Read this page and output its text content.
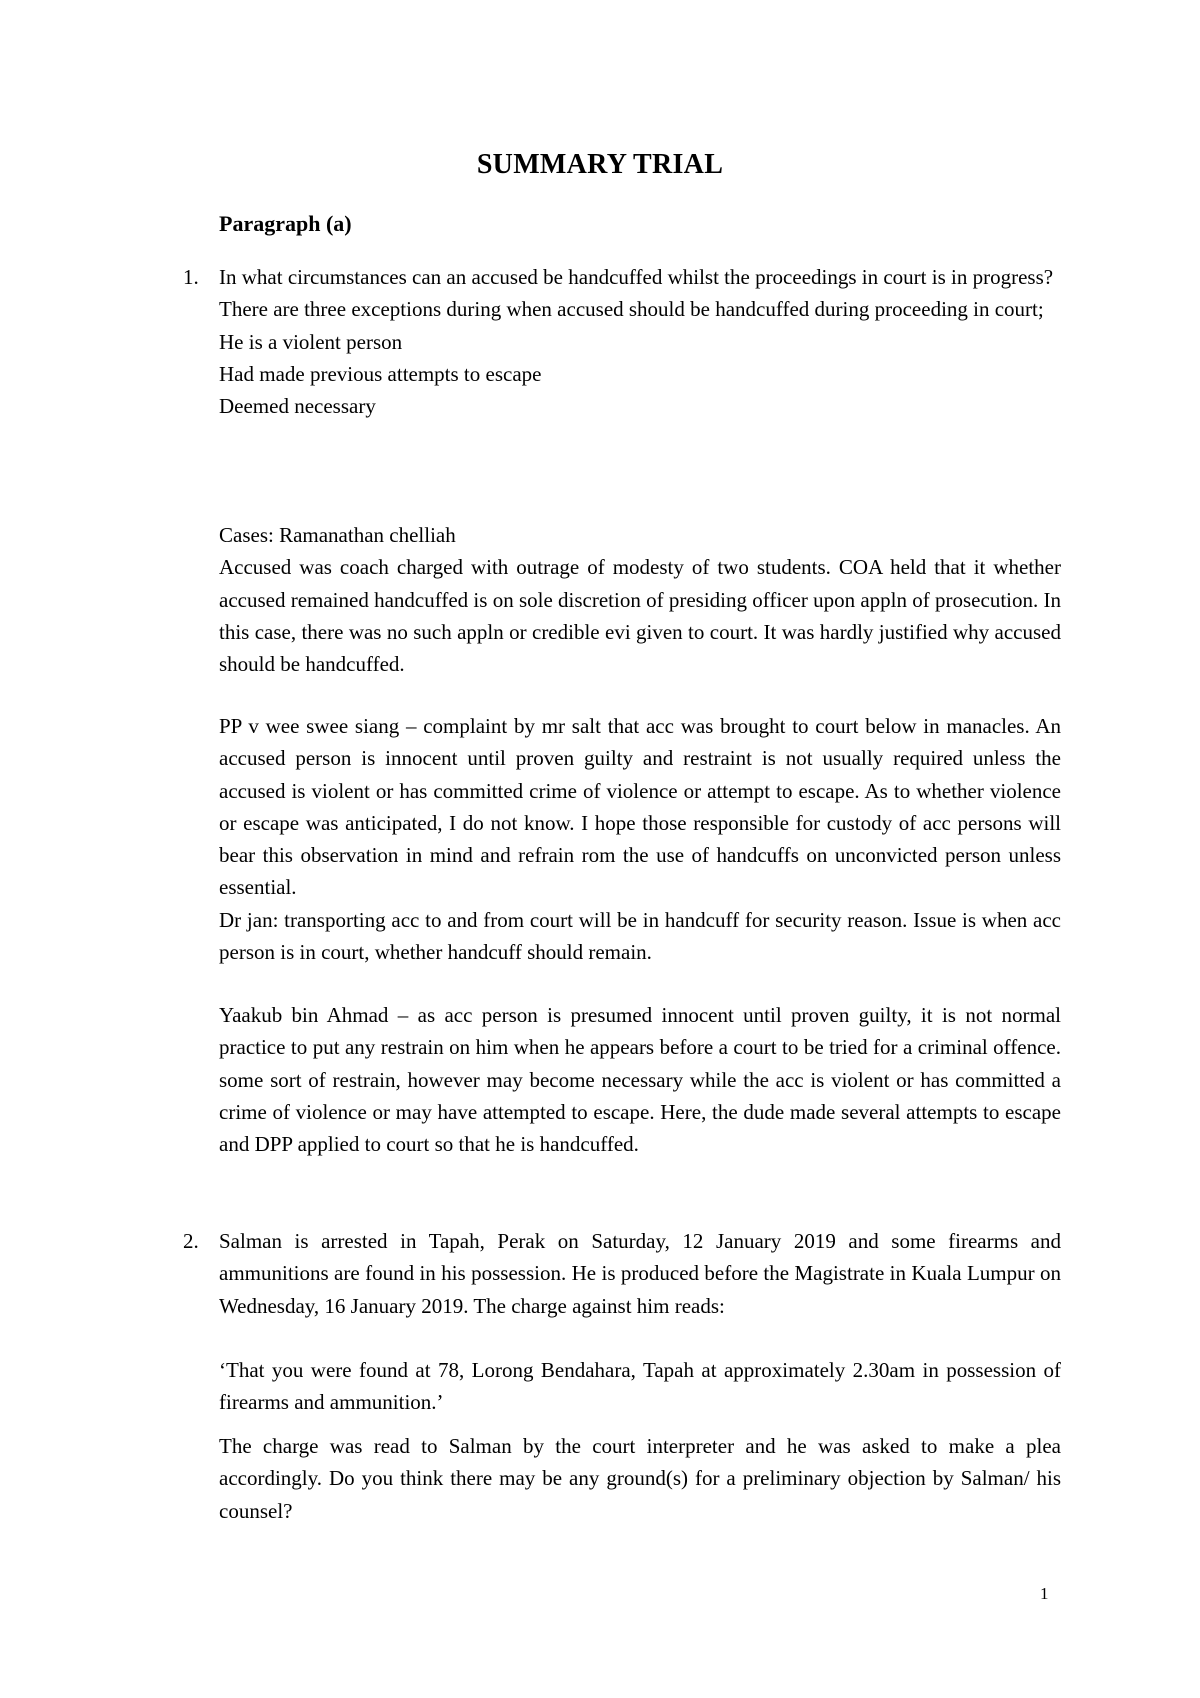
SUMMARY TRIAL
Paragraph (a)
1. In what circumstances can an accused be handcuffed whilst the proceedings in court is in progress?

There are three exceptions during when accused should be handcuffed during proceeding in court;

He is a violent person

Had made previous attempts to escape

Deemed necessary

Cases: Ramanathan chelliah

Accused was coach charged with outrage of modesty of two students. COA held that it whether accused remained handcuffed is on sole discretion of presiding officer upon appln of prosecution. In this case, there was no such appln or credible evi given to court. It was hardly justified why accused should be handcuffed.

PP v wee swee siang – complaint by mr salt that acc was brought to court below in manacles. An accused person is innocent until proven guilty and restraint is not usually required unless the accused is violent or has committed crime of violence or attempt to escape. As to whether violence or escape was anticipated, I do not know. I hope those responsible for custody of acc persons will bear this observation in mind and refrain rom the use of handcuffs on unconvicted person unless essential.

Dr jan: transporting acc to and from court will be in handcuff for security reason. Issue is when acc person is in court, whether handcuff should remain.

Yaakub bin Ahmad – as acc person is presumed innocent until proven guilty, it is not normal practice to put any restrain on him when he appears before a court to be tried for a criminal offence. some sort of restrain, however may become necessary while the acc is violent or has committed a crime of violence or may have attempted to escape. Here, the dude made several attempts to escape and DPP applied to court so that he is handcuffed.

2. Salman is arrested in Tapah, Perak on Saturday, 12 January 2019 and some firearms and ammunitions are found in his possession. He is produced before the Magistrate in Kuala Lumpur on Wednesday, 16 January 2019. The charge against him reads:

‘That you were found at 78, Lorong Bendahara, Tapah at approximately 2.30am in possession of firearms and ammunition.’

The charge was read to Salman by the court interpreter and he was asked to make a plea accordingly. Do you think there may be any ground(s) for a preliminary objection by Salman/ his counsel?

1
